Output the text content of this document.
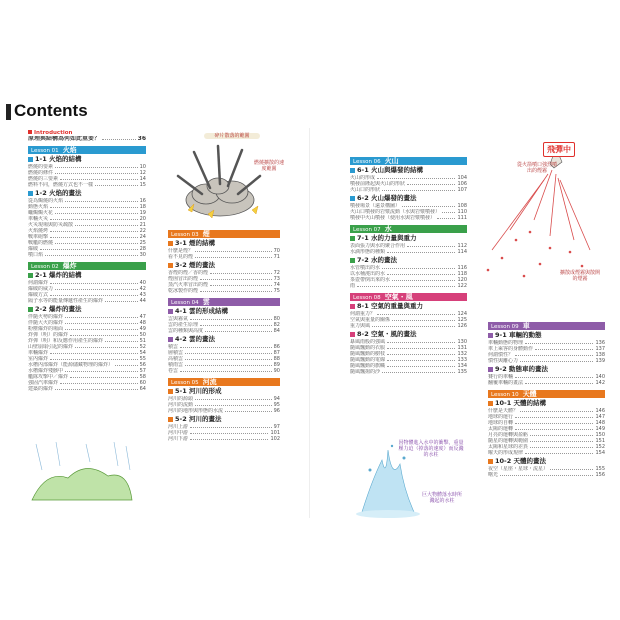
Contents
Introduction
原理與結構為何如此重要？	36
Lesson 01 火焰
1-1 火焰的結構
燃燒的要素	10
燃燒的條件	12
燃燒的三要素	14
燃料不同，燃燒方式也不一樣	15
1-2 火焰的畫法
從為燭燒的火焰	16
動態火焰	18
蠟燭燭火花	19
車輛火災	20
火災現場與防災疏散	21
火焰燒烤	22
戰車砲擊	24
戰艦的燃燒	25
爆破	28
噴口焰	30
Lesson 02 爆炸
2-1 爆炸的結構
何謂爆炸	40
爆破的威力	42
爆破方式	43
隔子水等的能量傳遞性產生的爆炸	44
2-2 爆炸的畫法
伴隨火勢的爆炸	47
伴隨大火的爆炸	48
粉塵爆炸的場面	49
炸彈（明）的爆炸	50
炸彈（明）和反應作用產生的爆炸	51
山壁崩塌引起的爆炸	52
車輛爆炸	54
室內爆炸	55
水槽內部爆炸（能源儲藏物理的爆炸）	56
水槽爆炸殘骸中	57
艦隊攻擊中／爆炸	58
強固汽車爆炸	60
建築的爆炸	64
Lesson 03 煙
3-1 煙的結構
什麼是煙？	70
看不見的煙	71
3-2 煙的畫法
香煙的煙／香的煙	72
煙囪冒出的煙	73
蒸汽火車冒出的煙	74
乾冰製作的煙	75
Lesson 04 雲
4-1 雲的形成結構
雲與霧氣	80
雲的產生原理	82
雲的種類與高度	84
4-2 雲的畫法
積雲	86
層積雲	87
高積雲	88
積雨雲	89
卷雲	90
Lesson 05 河流
5-1 河川的形成
河川的源頭	94
河川的流動	95
河川的地形與形態的水流	96
5-2 河川的畫法
河川上游	97
河川中游	101
河川下游	102
Lesson 06 火山
6-1 火山與爆發的結構
火山的形成	104
噴發前隆起與火山的形狀	106
火山口的形狀	107
6-2 火山爆發的畫法
噴發場景（遠景構圖）	108
火山口噴發的岩漿流動（水與岩漿噴發）	110
噴發中火山噴發（使用水與岩漿噴發）	111
Lesson 07 水
7-1 水的力量與重力
表面張力與水的聚合作用	112
水滴形態的種類	114
7-2 水的畫法
水管噴出的水	116
以水桶澆出的水	118
茶壺帶倒出來的水	120
雨	122
Lesson 08 空氣・風
8-1 空氣的重量與重力
何謂重力？	124
空氣與重量的關係	125
重力與風	126
8-2 空氣・風的畫法
暴風雨般的強風	130
隨風飄動的衣服	131
隨風飄動的樹枝	132
隨風飄動的電線	133
隨風飄動的旗幟	134
隨風飄揚的沙	135
Lesson 09 車
9-1 車輛的動態
車輛動態的物理	136
車上乘客的身體動作	137
何謂慣性？	138
慣性與離心力	139
9-2 動態車的畫法
賽行的車輛	140
翻覆車輛的畫法	142
Lesson 10 天體
10-1 天體的結構
什麼是天體？	146
地球的運行	147
地球的自轉	148
太陽的運轉	149
月亮的運轉與盈虧	150
隨星的運轉與範圍	151
太陽和星球的差異	152
曜天的形成規律	154
10-2 天體的畫法
夜空（星座・星球・流星）	155
曙光	156
碎片散落的範圍
燃燒擴散的速度範圍
飛彈中
從火箭噴口強烈噴出的煙霧
擴散成煙霧與散開的煙霧
因物體進入水中的衝擊，重量壓力迫（掉落的速度）而反濺的水柱
巨大物體落水時所濺起的水柱
